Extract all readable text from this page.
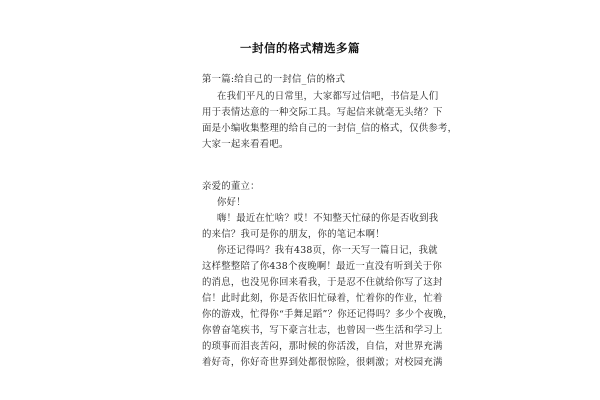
一封信的格式精选多篇
第一篇:给自己的一封信_信的格式
在我们平凡的日常里，大家都写过信吧，书信是人们
用于表情达意的一种交际工具。写起信来就毫无头绪？下
面是小编收集整理的给自己的一封信_信的格式，仅供参考，
大家一起来看看吧。
亲爱的董立：
你好！
嗨！最近在忙啥？哎！不知整天忙碌的你是否收到我
的来信？我可是你的朋友，你的笔记本啊！
你还记得吗？我有438页，你一天写一篇日记，我就
这样整整陪了你438个夜晚啊！最近一直没有听到关于你
的消息，也没见你回来看我，于是忍不住就给你写了这封
信！此时此刻，你是否依旧忙碌着，忙着你的作业，忙着
你的游戏，忙得你“手舞足蹈”？你还记得吗？多少个夜晚，
你曾奋笔疾书，写下豪言壮志，也曾因一些生活和学习上
的琐事而泪丧苦闷，那时候的你活泼，自信，对世界充满
着好奇，你好奇世界到处都很惊险，很刺激；对校园充满
